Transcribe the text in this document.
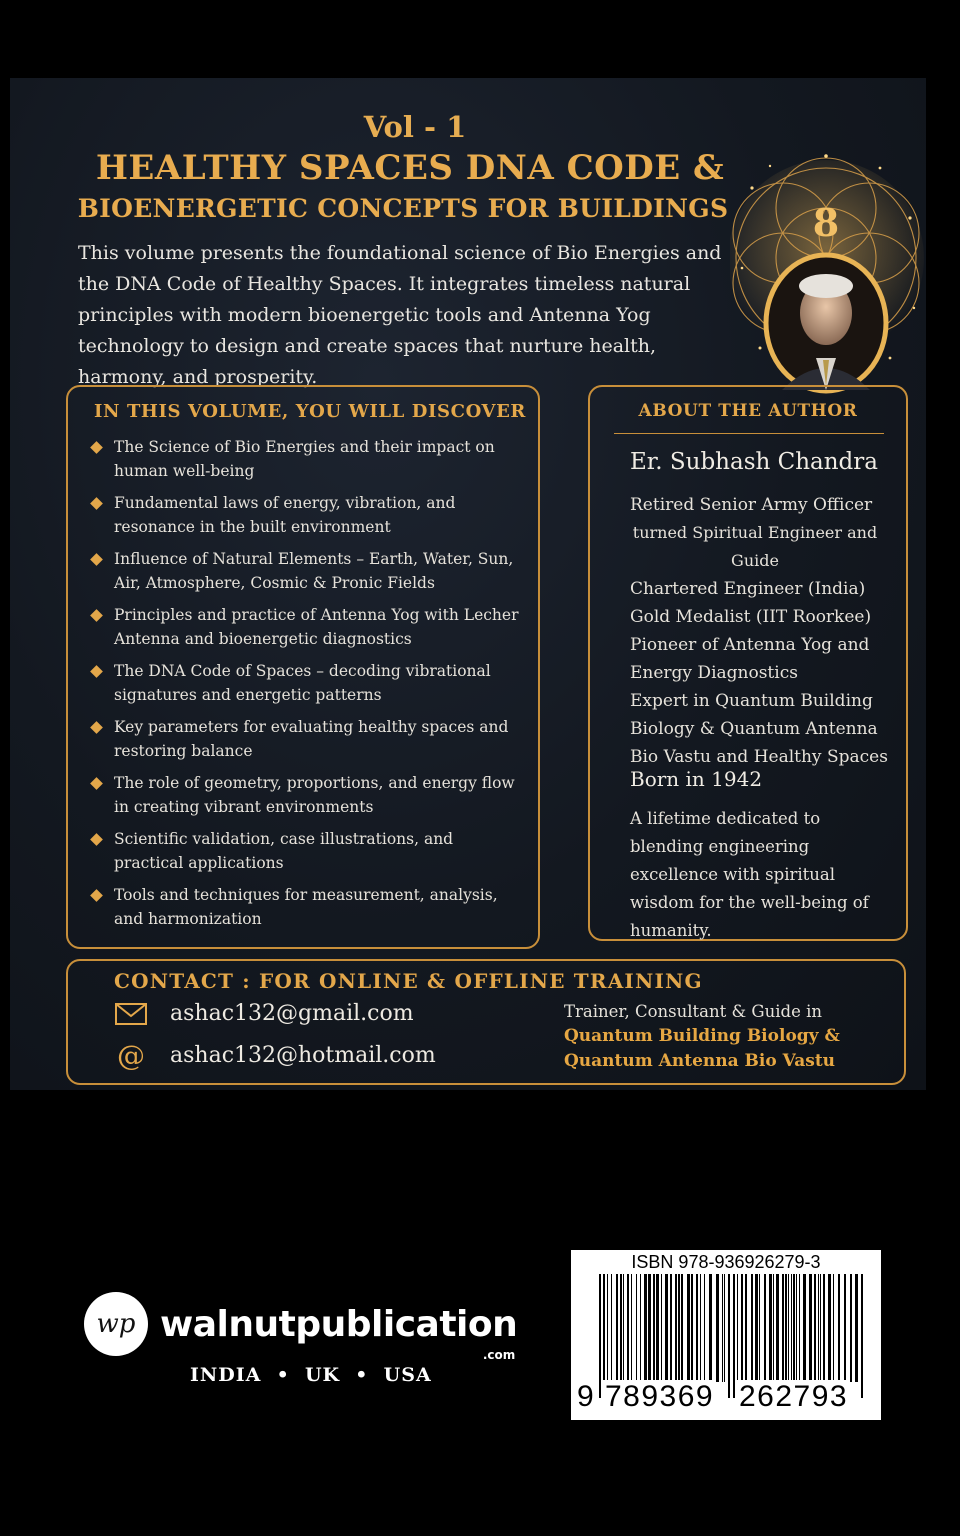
Vol - 1
HEALTHY SPACES DNA CODE &
BIOENERGETIC CONCEPTS FOR BUILDINGS	8
This volume presents the foundational science of Bio Energies and the DNA Code of Healthy Spaces. It integrates timeless natural principles with modern bioenergetic tools and Antenna Yog technology to design and create spaces that nurture health, harmony, and prosperity.
IN THIS VOLUME, YOU WILL DISCOVER
The Science of Bio Energies and their impact on human well-being
Fundamental laws of energy, vibration, and resonance in the built environment
Influence of Natural Elements – Earth, Water, Sun, Air, Atmosphere, Cosmic & Pronic Fields
Principles and practice of Antenna Yog with Lecher Antenna and bioenergetic diagnostics
The DNA Code of Spaces – decoding vibrational signatures and energetic patterns
Key parameters for evaluating healthy spaces and restoring balance
The role of geometry, proportions, and energy flow in creating vibrant environments
Scientific validation, case illustrations, and practical applications
Tools and techniques for measurement, analysis, and harmonization
ABOUT THE AUTHOR
Er. Subhash Chandra
Retired Senior Army Officer
turned Spiritual Engineer and Guide
Chartered Engineer (India)
Gold Medalist (IIT Roorkee)
Pioneer of Antenna Yog and
Energy Diagnostics
Expert in Quantum Building
Biology & Quantum Antenna
Bio Vastu and Healthy Spaces
Born in 1942
A lifetime dedicated to blending engineering excellence with spiritual wisdom for the well-being of humanity.
CONTACT : FOR ONLINE & OFFLINE TRAINING
ashac132@gmail.com
@ ashac132@hotmail.com
Trainer, Consultant & Guide in
Quantum Building Biology &
Quantum Antenna Bio Vastu
wp walnutpublication
.com
INDIA  •  UK  •  USA
ISBN 978-936926279-3
9 789369 262793
